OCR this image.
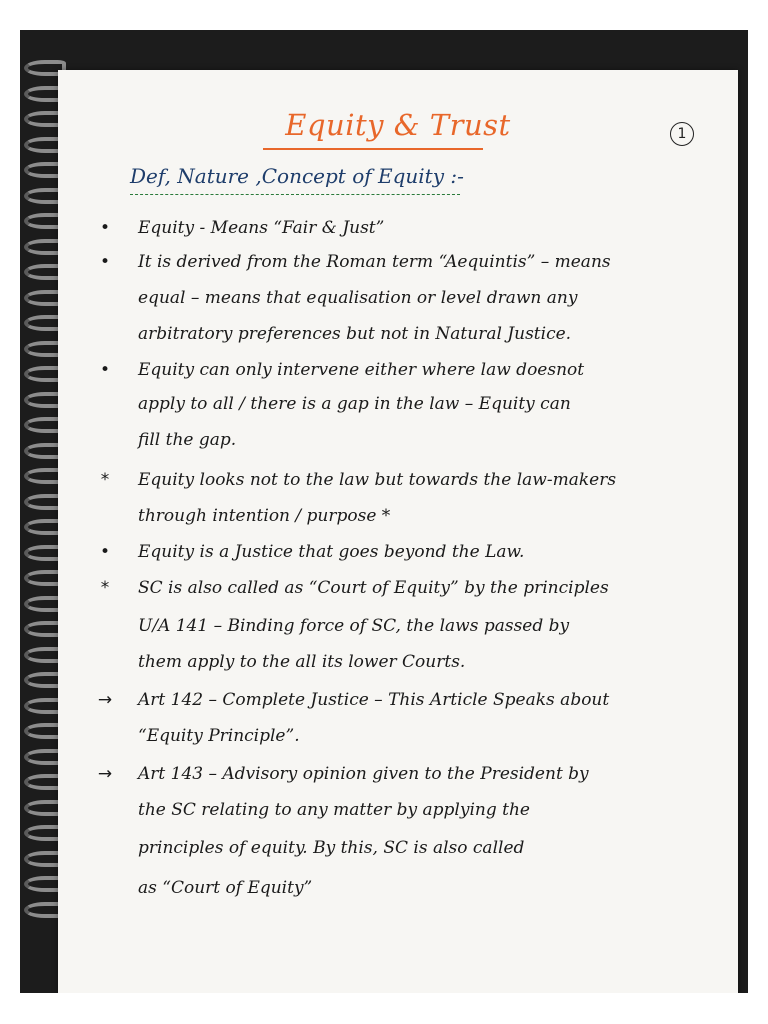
1
Equity & Trust
Def, Nature ,Concept of Equity :-
•	Equity - Means “Fair & Just”
•	It is derived from the Roman term “Aequintis” – means
equal – means that equalisation or level drawn any
arbitratory preferences but not in Natural Justice.
•	Equity can only intervene either where law doesnot
apply to all / there is a gap in the law – Equity can
fill the gap.
*	Equity looks not to the law but towards the law-makers
through intention / purpose *
•	Equity is a Justice that goes beyond the Law.
*	SC is also called as “Court of Equity” by the principles
U/A 141 – Binding force of SC, the laws passed by
them apply to the all its lower Courts.
→ Art 142 – Complete Justice – This Article Speaks about
“Equity Principle”.
→ Art 143 – Advisory opinion given to the President by
the SC relating to any matter by applying the
principles of equity. By this, SC is also called
as “Court of Equity”
